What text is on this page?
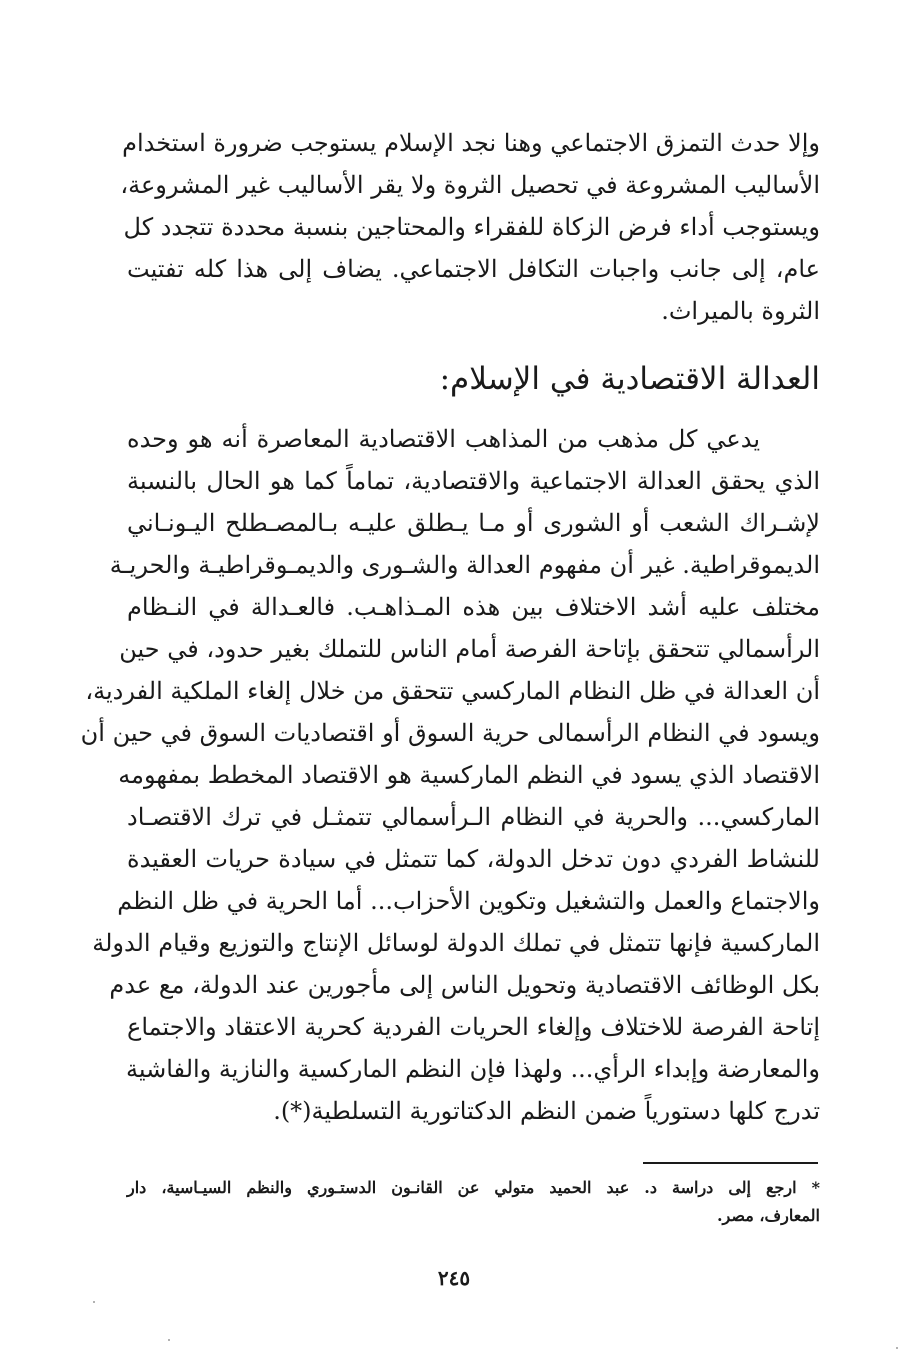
وإلا حدث التمزق الاجتماعي وهنا نجد الإسلام يستوجب ضرورة استخدام
الأساليب المشروعة في تحصيل الثروة ولا يقر الأساليب غير المشروعة،
ويستوجب أداء فرض الزكاة للفقراء والمحتاجين بنسبة محددة تتجدد كل
عام، إلى جانب واجبات التكافل الاجتماعي. يضاف إلى هذا كله تفتيت
الثروة بالميراث.
العدالة الاقتصادية في الإسلام:
يدعي كل مذهب من المذاهب الاقتصادية المعاصرة أنه هو وحده
الذي يحقق العدالة الاجتماعية والاقتصادية، تماماً كما هو الحال بالنسبة
لإشـراك الشعب أو الشورى أو مـا يـطلق عليـه بـالمصـطلح اليـونـاني
الديموقراطية. غير أن مفهوم العدالة والشـورى والديمـوقراطيـة والحريـة
مختلف عليه أشد الاختلاف بين هذه المـذاهـب. فالعـدالة في النـظام
الرأسمالي تتحقق بإتاحة الفرصة أمام الناس للتملك بغير حدود، في حين
أن العدالة في ظل النظام الماركسي تتحقق من خلال إلغاء الملكية الفردية،
ويسود في النظام الرأسمالى حرية السوق أو اقتصاديات السوق في حين أن
الاقتصاد الذي يسود في النظم الماركسية هو الاقتصاد المخطط بمفهومه
الماركسي... والحرية في النظام الـرأسمالي تتمثـل في ترك الاقتصـاد
للنشاط الفردي دون تدخل الدولة، كما تتمثل في سيادة حريات العقيدة
والاجتماع والعمل والتشغيل وتكوين الأحزاب... أما الحرية في ظل النظم
الماركسية فإنها تتمثل في تملك الدولة لوسائل الإنتاج والتوزيع وقيام الدولة
بكل الوظائف الاقتصادية وتحويل الناس إلى مأجورين عند الدولة، مع عدم
إتاحة الفرصة للاختلاف وإلغاء الحريات الفردية كحرية الاعتقاد والاجتماع
والمعارضة وإبداء الرأي... ولهذا فإن النظم الماركسية والنازية والفاشية
تدرج كلها دستورياً ضمن النظم الدكتاتورية التسلطية(*).
* ارجع إلى دراسة د. عبد الحميد متولي عن القانـون الدستـوري والنظم السيـاسية، دار
المعارف، مصر.
٢٤٥
